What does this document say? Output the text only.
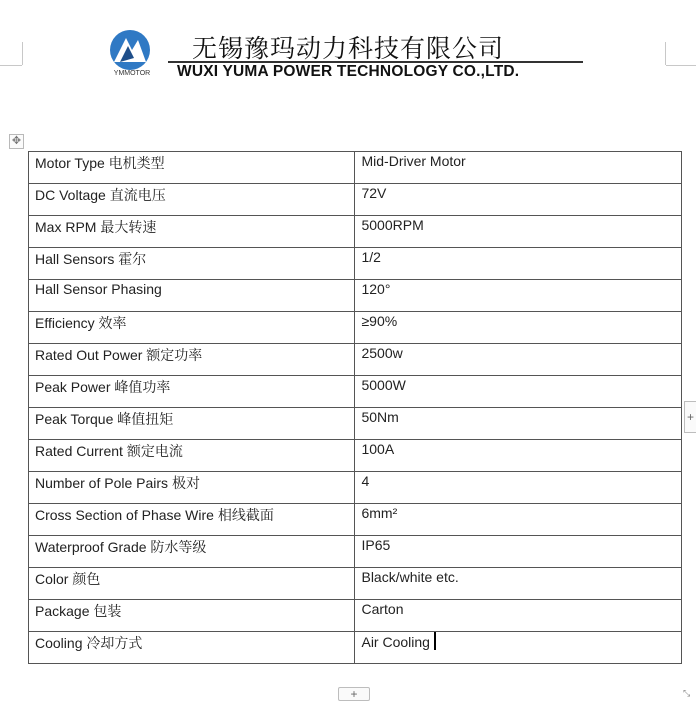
YMMOTOR
无锡豫玛动力科技有限公司
WUXI YUMA POWER TECHNOLOGY CO.,LTD.
✥
Motor Type 电机类型	Mid-Driver Motor
DC Voltage 直流电压	72V
Max RPM 最大转速	5000RPM
Hall Sensors 霍尔	1/2
Hall Sensor Phasing	120°
Efficiency 效率	≥90%
Rated Out Power 额定功率	2500w
Peak Power 峰值功率	5000W
Peak Torque 峰值扭矩	50Nm
Rated Current 额定电流	100A
Number of Pole Pairs 极对	4
Cross Section of Phase Wire 相线截面	6mm²
Waterproof Grade 防水等级	IP65
Color 颜色	Black/white etc.
Package 包装	Carton
Cooling 冷却方式	Air Cooling
+
+
⤡
